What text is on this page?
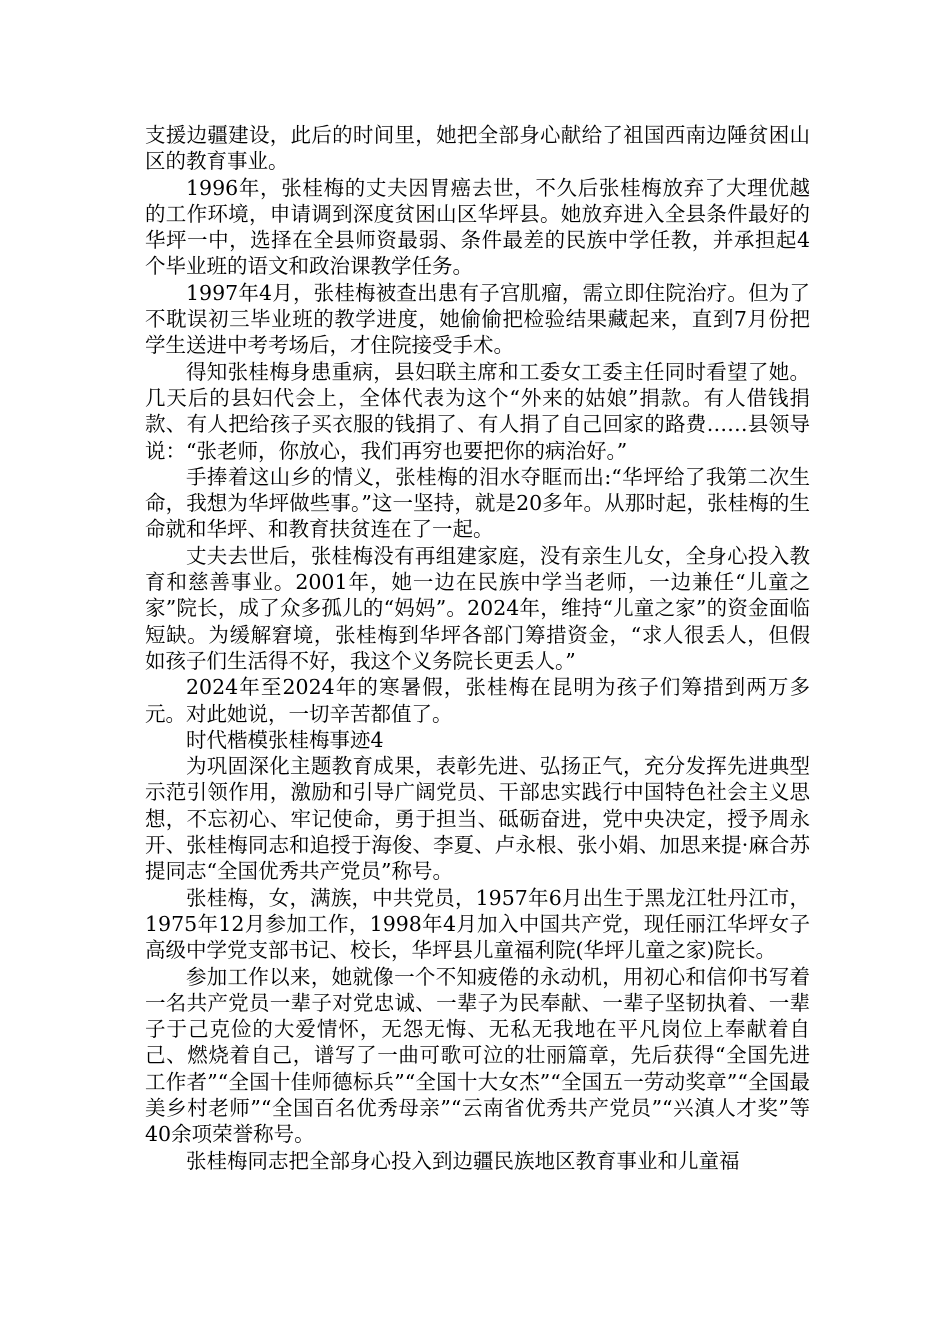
支援边疆建设，此后的时间里，她把全部身心献给了祖国西南边陲贫困山区的教育事业。

1996年，张桂梅的丈夫因胃癌去世，不久后张桂梅放弃了大理优越的工作环境，申请调到深度贫困山区华坪县。她放弃进入全县条件最好的华坪一中，选择在全县师资最弱、条件最差的民族中学任教，并承担起4个毕业班的语文和政治课教学任务。

1997年4月，张桂梅被查出患有子宫肌瘤，需立即住院治疗。但为了不耽误初三毕业班的教学进度，她偷偷把检验结果藏起来，直到7月份把学生送进中考考场后，才住院接受手术。

得知张桂梅身患重病，县妇联主席和工委女工委主任同时看望了她。几天后的县妇代会上，全体代表为这个“外来的姑娘”捐款。有人借钱捐款、有人把给孩子买衣服的钱捐了、有人捐了自己回家的路费……县领导说：“张老师，你放心，我们再穷也要把你的病治好。”

手捧着这山乡的情义，张桂梅的泪水夺眶而出:“华坪给了我第二次生命，我想为华坪做些事。”这一坚持，就是20多年。从那时起，张桂梅的生命就和华坪、和教育扶贫连在了一起。

丈夫去世后，张桂梅没有再组建家庭，没有亲生儿女，全身心投入教育和慈善事业。2001年，她一边在民族中学当老师，一边兼任“儿童之家”院长，成了众多孤儿的“妈妈”。2024年，维持“儿童之家”的资金面临短缺。为缓解窘境，张桂梅到华坪各部门筹措资金，“求人很丢人，但假如孩子们生活得不好，我这个义务院长更丢人。”

2024年至2024年的寒暑假，张桂梅在昆明为孩子们筹措到两万多元。对此她说，一切辛苦都值了。

时代楷模张桂梅事迹4

为巩固深化主题教育成果，表彰先进、弘扬正气，充分发挥先进典型示范引领作用，激励和引导广阔党员、干部忠实践行中国特色社会主义思想，不忘初心、牢记使命，勇于担当、砥砺奋进，党中央决定，授予周永开、张桂梅同志和追授于海俊、李夏、卢永根、张小娟、加思来提·麻合苏提同志“全国优秀共产党员”称号。

张桂梅，女，满族，中共党员，1957年6月出生于黑龙江牡丹江市，1975年12月参加工作，1998年4月加入中国共产党，现任丽江华坪女子高级中学党支部书记、校长，华坪县儿童福利院(华坪儿童之家)院长。

参加工作以来，她就像一个不知疲倦的永动机，用初心和信仰书写着一名共产党员一辈子对党忠诚、一辈子为民奉献、一辈子坚韧执着、一辈子于己克俭的大爱情怀，无怨无悔、无私无我地在平凡岗位上奉献着自己、燃烧着自己，谱写了一曲可歌可泣的壮丽篇章，先后获得“全国先进工作者”“全国十佳师德标兵”“全国十大女杰”“全国五一劳动奖章”“全国最美乡村老师”“全国百名优秀母亲”“云南省优秀共产党员”“兴滇人才奖”等40余项荣誉称号。

张桂梅同志把全部身心投入到边疆民族地区教育事业和儿童福
